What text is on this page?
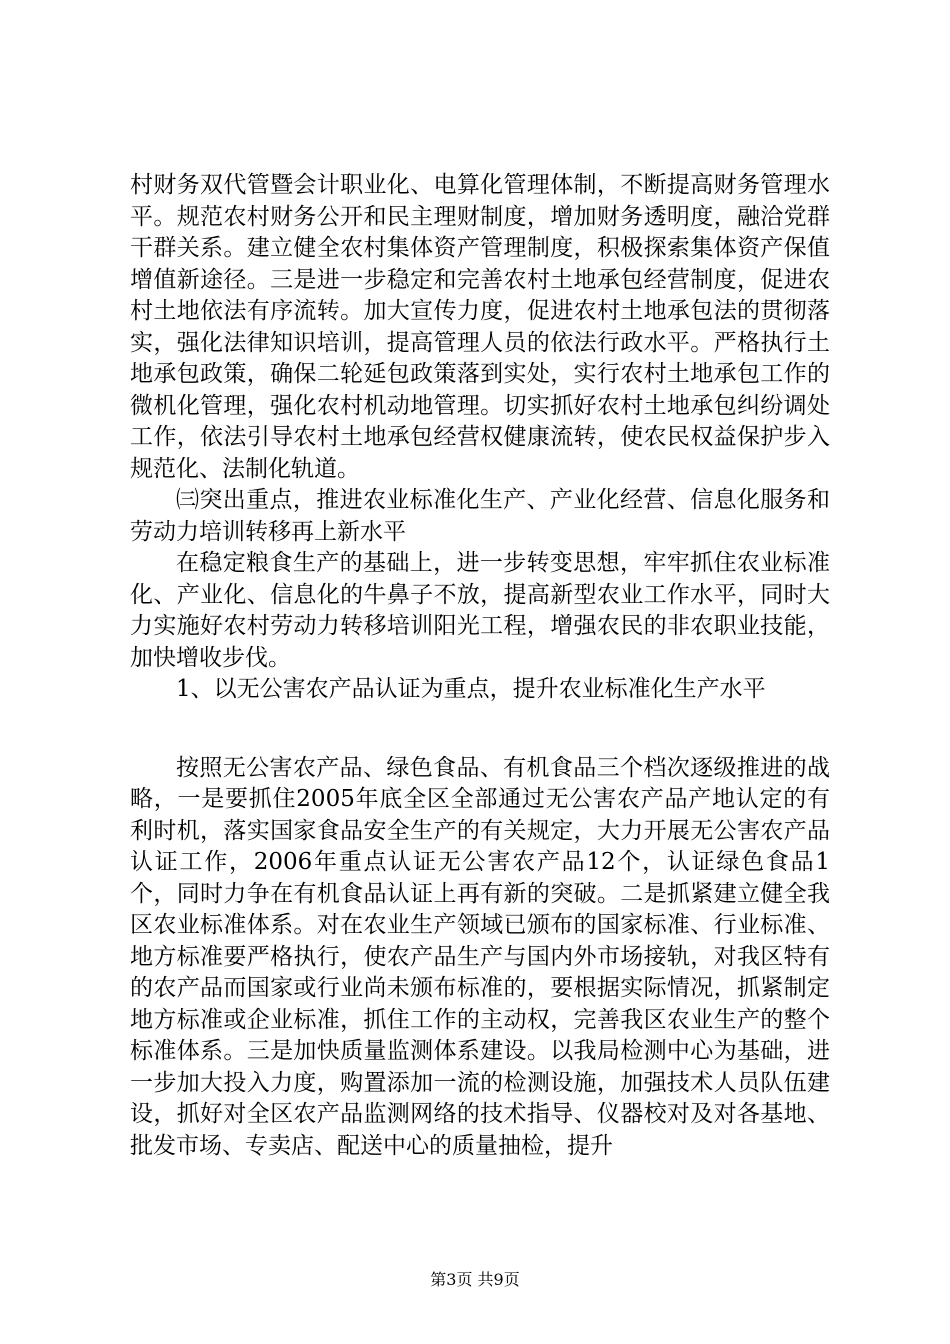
村财务双代管暨会计职业化、电算化管理体制，不断提高财务管理水平。规范农村财务公开和民主理财制度，增加财务透明度，融洽党群干群关系。建立健全农村集体资产管理制度，积极探索集体资产保值增值新途径。三是进一步稳定和完善农村土地承包经营制度，促进农村土地依法有序流转。加大宣传力度，促进农村土地承包法的贯彻落实，强化法律知识培训，提高管理人员的依法行政水平。严格执行土地承包政策，确保二轮延包政策落到实处，实行农村土地承包工作的微机化管理，强化农村机动地管理。切实抓好农村土地承包纠纷调处工作，依法引导农村土地承包经营权健康流转，使农民权益保护步入规范化、法制化轨道。

㈢突出重点，推进农业标准化生产、产业化经营、信息化服务和劳动力培训转移再上新水平

在稳定粮食生产的基础上，进一步转变思想，牢牢抓住农业标准化、产业化、信息化的牛鼻子不放，提高新型农业工作水平，同时大力实施好农村劳动力转移培训阳光工程，增强农民的非农职业技能，加快增收步伐。

1、以无公害农产品认证为重点，提升农业标准化生产水平

按照无公害农产品、绿色食品、有机食品三个档次逐级推进的战略，一是要抓住2005年底全区全部通过无公害农产品产地认定的有利时机，落实国家食品安全生产的有关规定，大力开展无公害农产品认证工作，2006年重点认证无公害农产品12个，认证绿色食品1个，同时力争在有机食品认证上再有新的突破。二是抓紧建立健全我区农业标准体系。对在农业生产领域已颁布的国家标准、行业标准、地方标准要严格执行，使农产品生产与国内外市场接轨，对我区特有的农产品而国家或行业尚未颁布标准的，要根据实际情况，抓紧制定地方标准或企业标准，抓住工作的主动权，完善我区农业生产的整个标准体系。三是加快质量监测体系建设。以我局检测中心为基础，进一步加大投入力度，购置添加一流的检测设施，加强技术人员队伍建设，抓好对全区农产品监测网络的技术指导、仪器校对及对各基地、批发市场、专卖店、配送中心的质量抽检，提升

第3页 共9页
